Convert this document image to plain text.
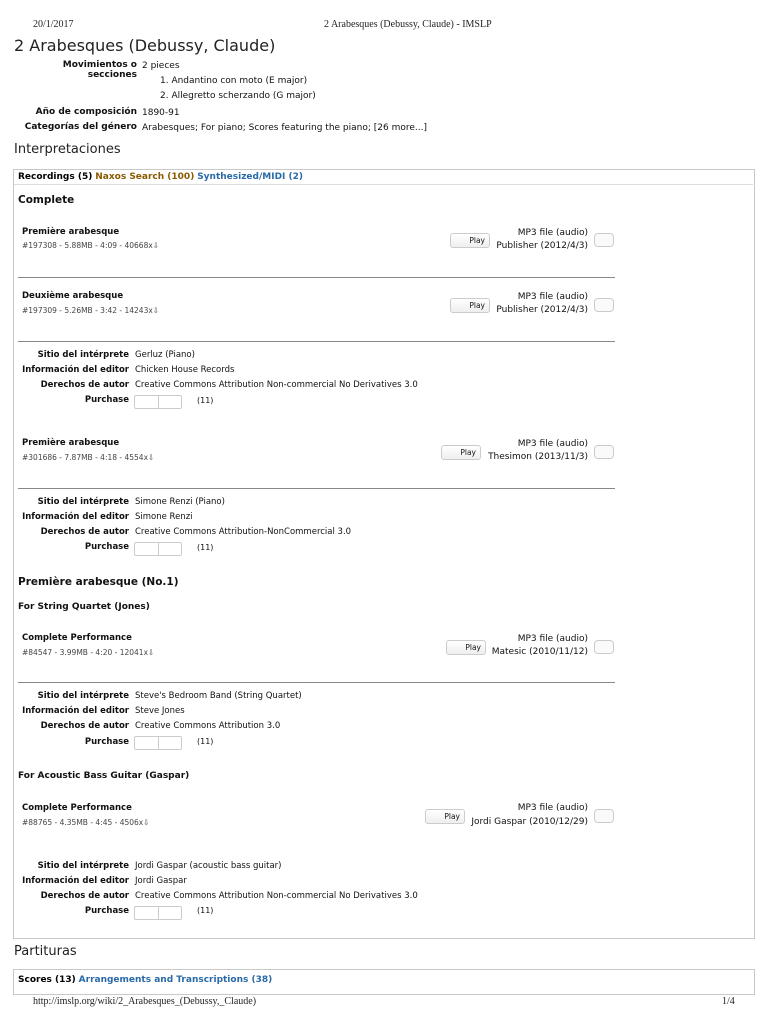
20/1/2017	2 Arabesques (Debussy, Claude) - IMSLP
2 Arabesques (Debussy, Claude)
Movimientos o secciones
2 pieces
1. Andantino con moto (E major)
2. Allegretto scherzando (G major)
Año de composición 1890-91
Categorías del género Arabesques; For piano; Scores featuring the piano; [26 more...]
Interpretaciones
Recordings (5) Naxos Search (100) Synthesized/MIDI (2)
Complete
Première arabesque
#197308 - 5.88MB - 4:09 - 40668x⇩
Play
MP3 file (audio)
Publisher (2012/4/3)
Deuxième arabesque
#197309 - 5.26MB - 3:42 - 14243x⇩
Play
MP3 file (audio)
Publisher (2012/4/3)
Sitio del intérprete Gerluz (Piano)
Información del editor Chicken House Records
Derechos de autor Creative Commons Attribution Non-commercial No Derivatives 3.0
Purchase	(11)
Première arabesque
#301686 - 7.87MB - 4:18 - 4554x⇩
Play
MP3 file (audio)
Thesimon (2013/11/3)
Sitio del intérprete Simone Renzi (Piano)
Información del editor Simone Renzi
Derechos de autor Creative Commons Attribution-NonCommercial 3.0
Purchase	(11)
Première arabesque (No.1)
For String Quartet (Jones)
Complete Performance
#84547 - 3.99MB - 4:20 - 12041x⇩
Play
MP3 file (audio)
Matesic (2010/11/12)
Sitio del intérprete Steve's Bedroom Band (String Quartet)
Información del editor Steve Jones
Derechos de autor Creative Commons Attribution 3.0
Purchase	(11)
For Acoustic Bass Guitar (Gaspar)
Complete Performance
#88765 - 4.35MB - 4:45 - 4506x⇩
Play
MP3 file (audio)
Jordi Gaspar (2010/12/29)
Sitio del intérprete Jordi Gaspar (acoustic bass guitar)
Información del editor Jordi Gaspar
Derechos de autor Creative Commons Attribution Non-commercial No Derivatives 3.0
Purchase	(11)
Partituras
Scores (13) Arrangements and Transcriptions (38)
http://imslp.org/wiki/2_Arabesques_(Debussy,_Claude)	1/4
